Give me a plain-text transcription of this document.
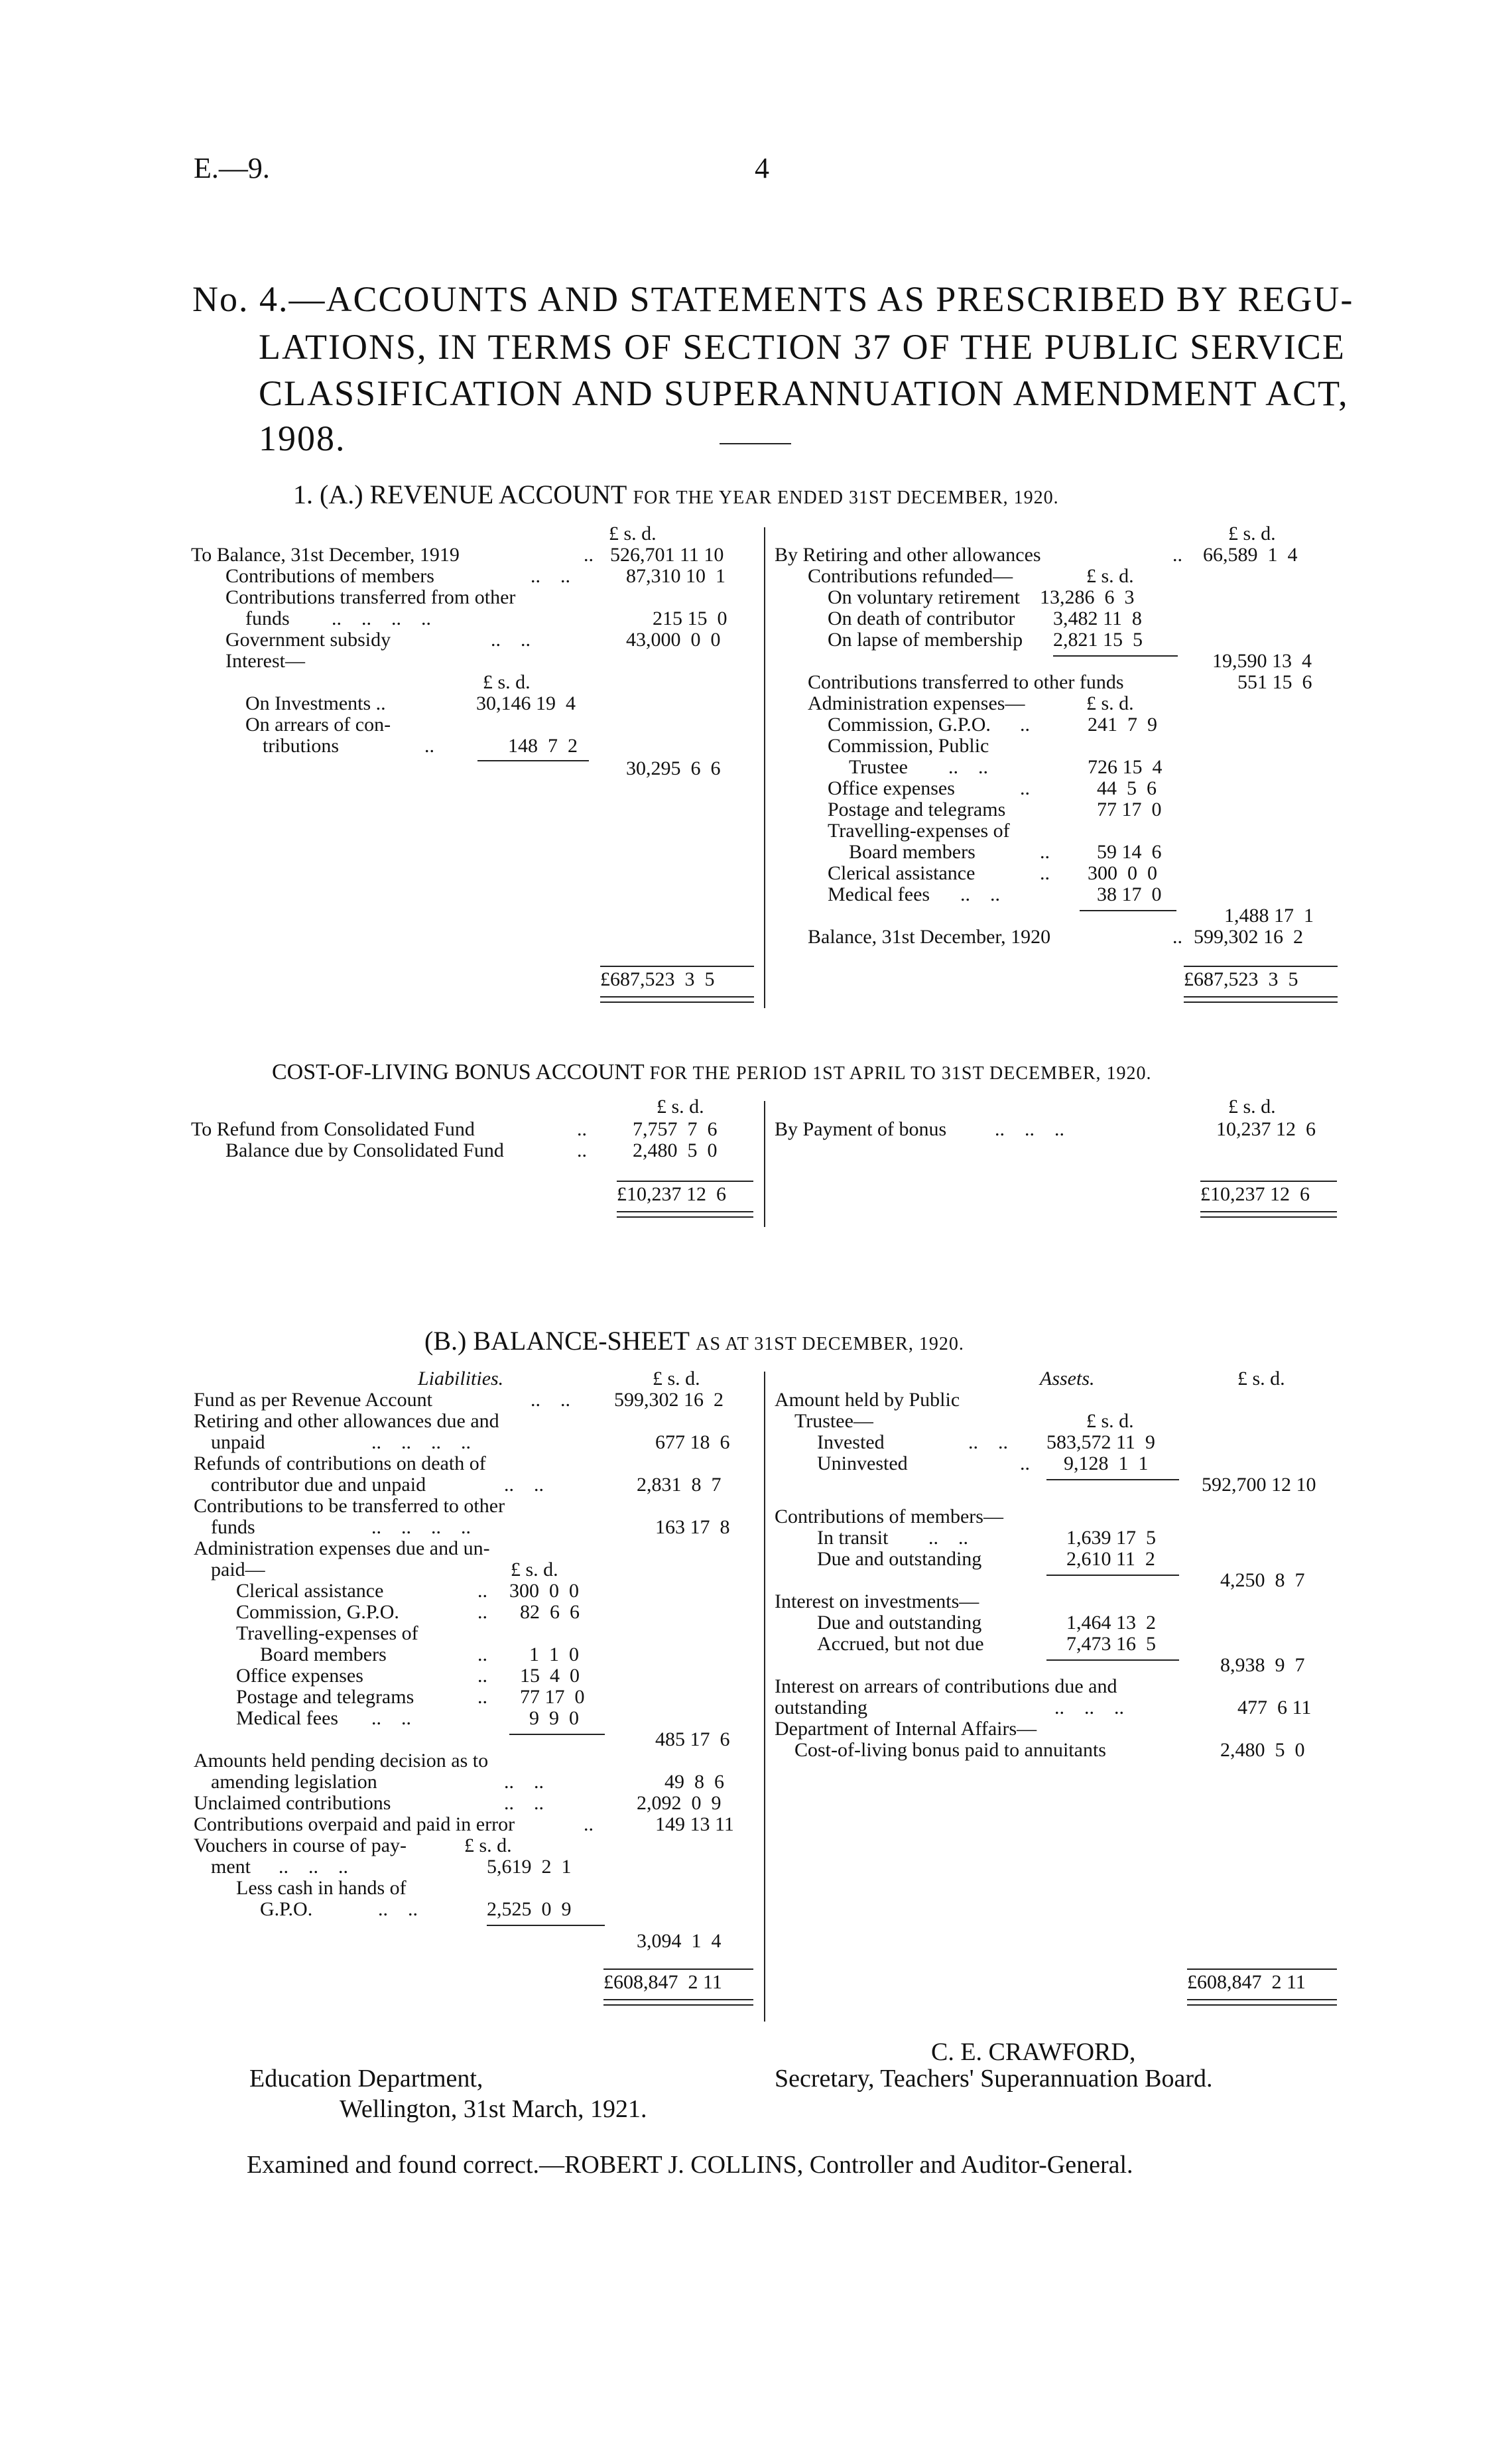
E.—9.	4
No. 4.—ACCOUNTS AND STATEMENTS AS PRESCRIBED BY REGU-
LATIONS, IN TERMS OF SECTION 37 OF THE PUBLIC SERVICE
CLASSIFICATION AND SUPERANNUATION AMENDMENT ACT,
1908.
1. (A.) REVENUE ACCOUNT FOR THE YEAR ENDED 31ST DECEMBER, 1920.
£ s. d.	£ s. d.
To Balance, 31st December, 1919	.. 526,701 11 10
Contributions of members	..    ..	87,310 10  1
Contributions transferred from other
funds ..    ..    ..    ..	215 15  0
Government subsidy	..    ..	43,000  0  0
Interest—
£ s. d.
On Investments ..	30,146 19  4
On arrears of con-
tributions	..	148  7  2
30,295  6  6
£687,523  3  5
By Retiring and other allowances	.. 66,589  1  4
Contributions refunded—	£ s. d.
On voluntary retirement 13,286  6  3
On death of contributor 3,482 11  8
On lapse of membership 2,821 15  5
19,590 13  4
Contributions transferred to other funds	551 15  6
Administration expenses—	£ s. d.
Commission, G.P.O. ..	241  7  9
Commission, Public
Trustee ..    ..	726 15  4
Office expenses	..	44  5  6
Postage and telegrams	77 17  0
Travelling-expenses of
Board members	.. 59 14  6
Clerical assistance	.. 300  0  0
Medical fees ..    ..	38 17  0
1,488 17  1
Balance, 31st December, 1920	.. 599,302 16  2
£687,523  3  5
COST-OF-LIVING BONUS ACCOUNT FOR THE PERIOD 1ST APRIL TO 31ST DECEMBER, 1920.
£ s. d.	£ s. d.
To Refund from Consolidated Fund	.. 7,757  7  6
Balance due by Consolidated Fund	.. 2,480  5  0
By Payment of bonus ..    ..    ..	10,237 12  6
£10,237 12  6	£10,237 12  6
(B.) BALANCE-SHEET AS AT 31ST DECEMBER, 1920.
Liabilities.	Assets.
£ s. d.	£ s. d.
Fund as per Revenue Account	..    .. 599,302 16  2
Retiring and other allowances due and
unpaid	..    ..    ..    ..	677 18  6
Refunds of contributions on death of
contributor due and unpaid	..    ..	2,831  8  7
Contributions to be transferred to other
funds	..    ..    ..    ..	163 17  8
Administration expenses due and un-
paid—	£ s. d.
Clerical assistance	.. 300  0  0
Commission, G.P.O.	.. 82  6  6
Travelling-expenses of
Board members	.. 1  1  0
Office expenses	.. 15  4  0
Postage and telegrams	.. 77 17  0
Medical fees ..    ..	9  9  0
485 17  6
Amounts held pending decision as to
amending legislation	..    ..	49  8  6
Unclaimed contributions	..    ..	2,092  0  9
Contributions overpaid and paid in error	..	149 13 11
Vouchers in course of pay-	£ s. d.
ment ..    ..    ..	5,619  2  1
Less cash in hands of
G.P.O.	..    ..	2,525  0  9
3,094  1  4
£608,847  2 11
Amount held by Public
Trustee—	£ s. d.
Invested	..    .. 583,572 11  9
Uninvested	.. 9,128  1  1
592,700 12 10
Contributions of members—
In transit ..    ..	1,639 17  5
Due and outstanding	2,610 11  2
4,250  8  7
Interest on investments—
Due and outstanding	1,464 13  2
Accrued, but not due	7,473 16  5
8,938  9  7
Interest on arrears of contributions due and
outstanding	..    ..    ..	477  6 11
Department of Internal Affairs—
Cost-of-living bonus paid to annuitants	2,480  5  0
£608,847  2 11
C. E. CRAWFORD,
Education Department,	Secretary, Teachers' Superannuation Board.
Wellington, 31st March, 1921.
Examined and found correct.—ROBERT J. COLLINS, Controller and Auditor-General.
